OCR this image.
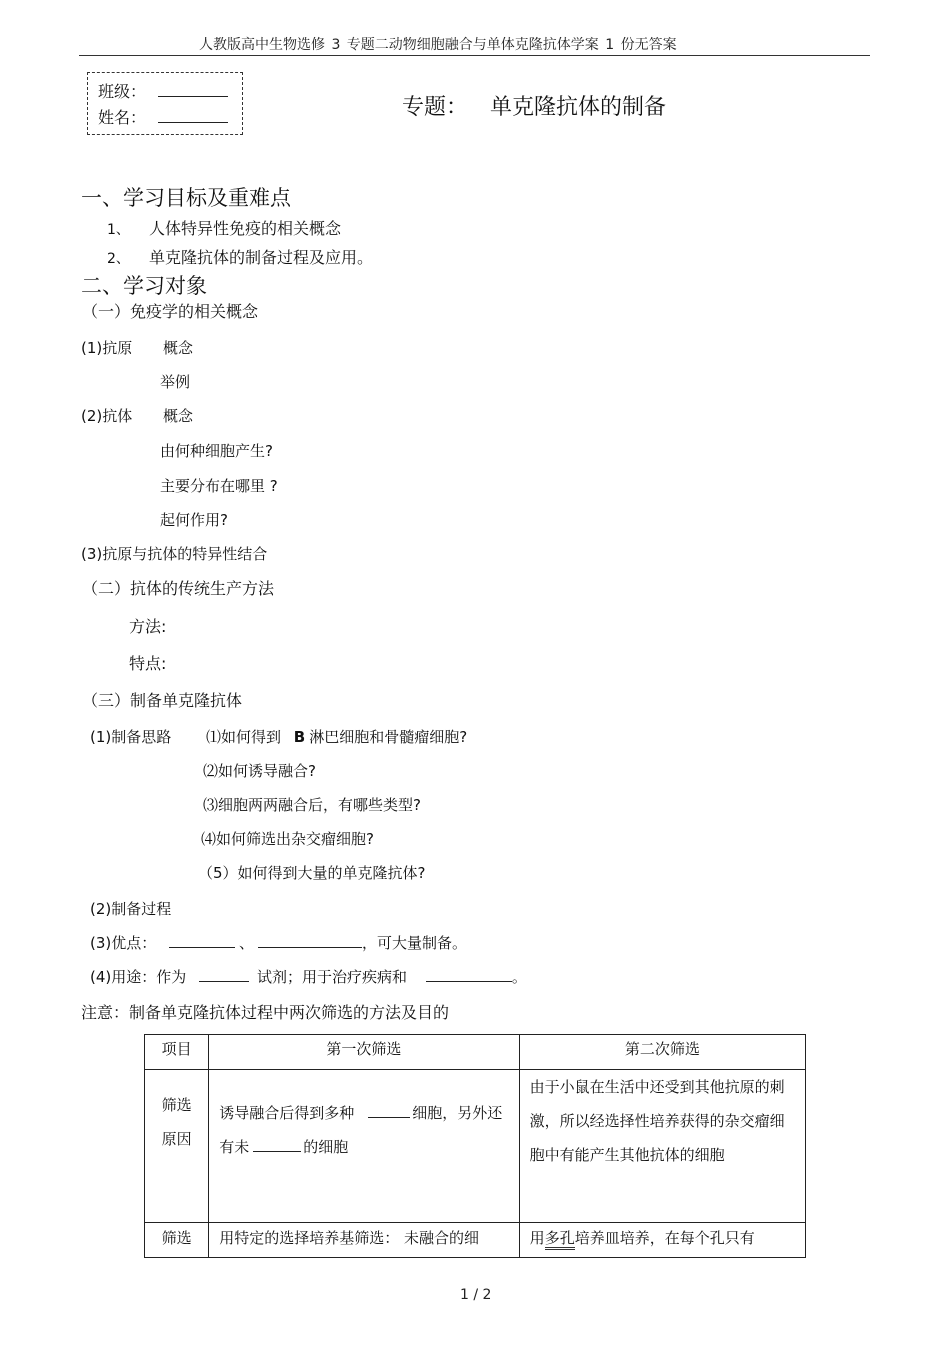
人教版高中生物选修 3 专题二动物细胞融合与单体克隆抗体学案 1 份无答案
班级：
姓名：	专题： 单克隆抗体的制备
一、学习目标及重难点
1、 人体特异性免疫的相关概念
2、 单克隆抗体的制备过程及应用。
二、学习对象
（一）免疫学的相关概念
(1)抗原 概念
举例
(2)抗体 概念
由何种细胞产生?
主要分布在哪里 ?
起何作用?
(3)抗原与抗体的特异性结合
（二）抗体的传统生产方法
方法:
特点:
（三）制备单克隆抗体
(1)制备思路 ⑴如何得到 B 淋巴细胞和骨髓瘤细胞?
⑵如何诱导融合?
⑶细胞两两融合后，有哪些类型?
⑷如何筛选出杂交瘤细胞?
（5）如何得到大量的单克隆抗体?
(2)制备过程
(3)优点：	、	，可大量制备。
(4)用途：作为	试剂；用于治疗疾病和	。
注意：制备单克隆抗体过程中两次筛选的方法及目的
项目	第一次筛选	第二次筛选

筛选
原因	诱导融合后得到多种 细胞，另外还有未 的细胞	由于小鼠在生活中还受到其他抗原的刺激，所以经选择性培养获得的杂交瘤细胞中有能产生其他抗体的细胞

筛选	用特定的选择培养基筛选： 未融合的细	用多孔培养皿培养，在每个孔只有
1 / 2
